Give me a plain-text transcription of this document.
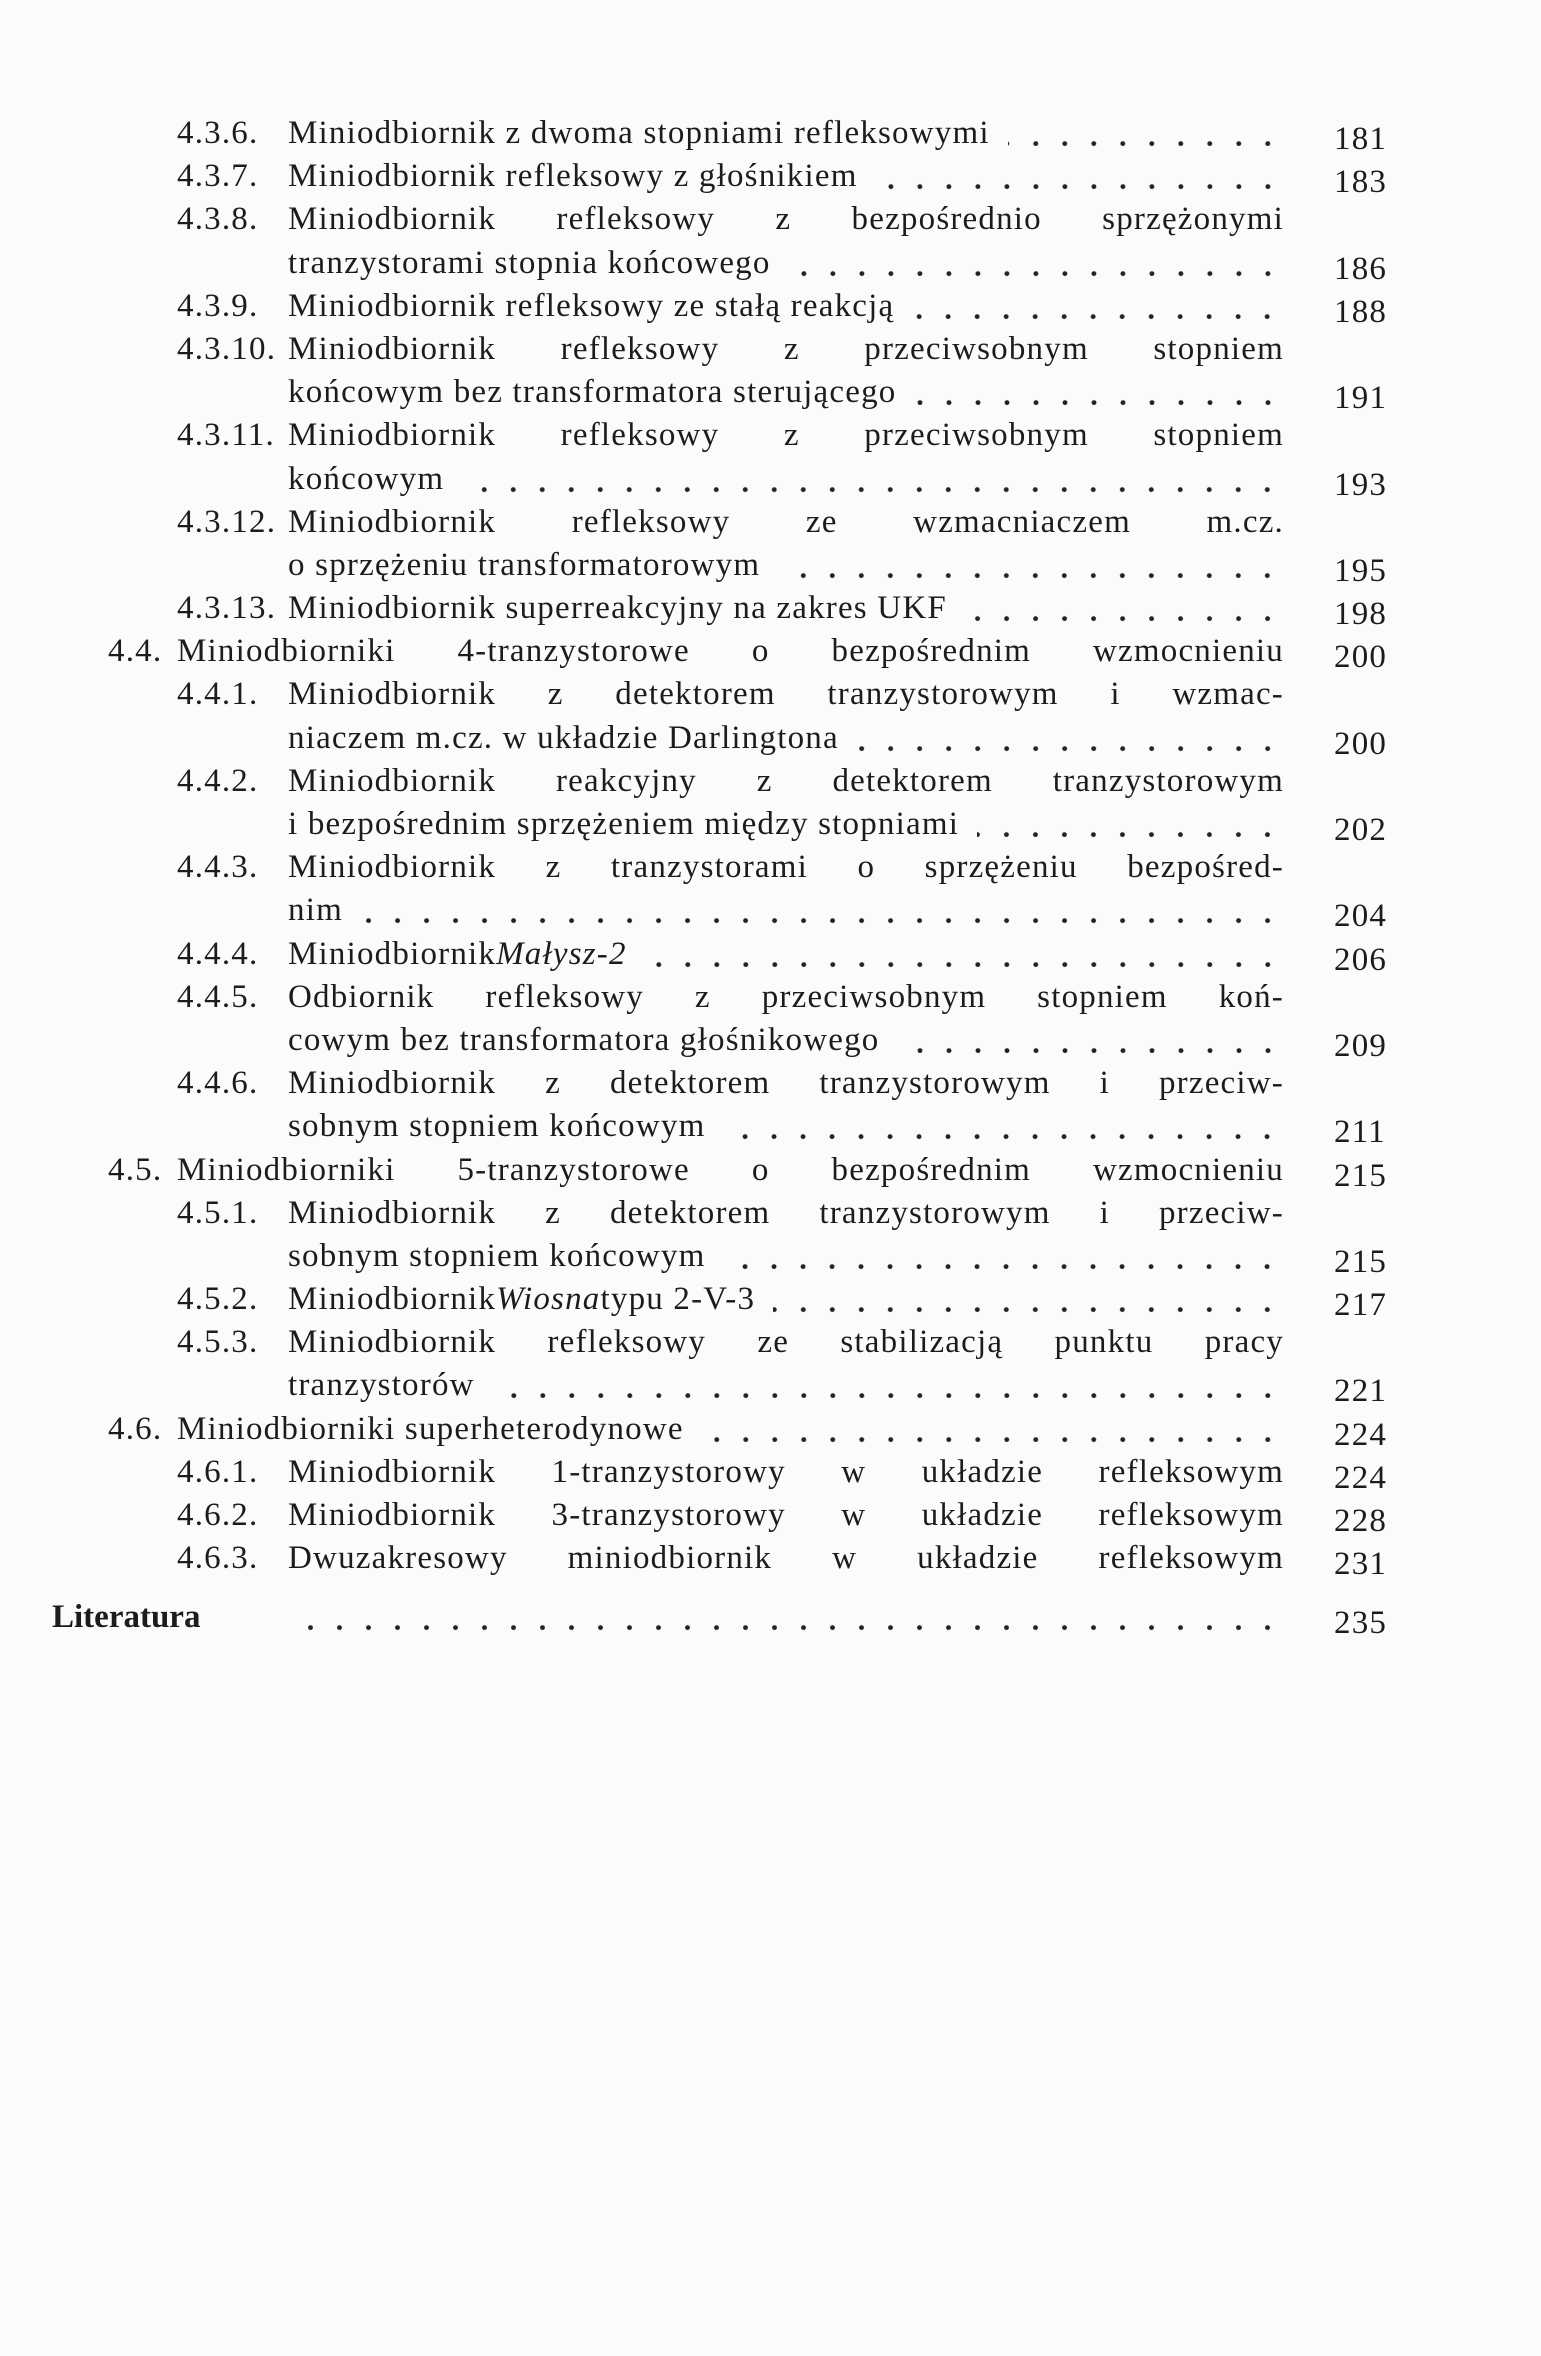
4.3.6. Miniodbiornik z dwoma stopniami refleksowymi	181
4.3.7. Miniodbiornik refleksowy z głośnikiem	183
4.3.8. Miniodbiornik refleksowy z bezpośrednio sprzężonymi
tranzystorami stopnia końcowego	186
4.3.9. Miniodbiornik refleksowy ze stałą reakcją	188
4.3.10. Miniodbiornik refleksowy z przeciwsobnym stopniem
końcowym bez transformatora sterującego	191
4.3.11. Miniodbiornik refleksowy z przeciwsobnym stopniem
końcowym	193
4.3.12. Miniodbiornik refleksowy ze wzmacniaczem m.cz.
o sprzężeniu transformatorowym	195
4.3.13. Miniodbiornik superreakcyjny na zakres UKF	198
4.4. Miniodbiorniki 4-tranzystorowe o bezpośrednim wzmocnieniu 200
4.4.1. Miniodbiornik z detektorem tranzystorowym i wzmac-
niaczem m.cz. w układzie Darlingtona	200
4.4.2. Miniodbiornik reakcyjny z detektorem tranzystorowym
i bezpośrednim sprzężeniem między stopniami	202
4.4.3. Miniodbiornik z tranzystorami o sprzężeniu bezpośred-
nim	204
4.4.4. Miniodbiornik Małysz-2	206
4.4.5. Odbiornik refleksowy z przeciwsobnym stopniem koń-
cowym bez transformatora głośnikowego	209
4.4.6. Miniodbiornik z detektorem tranzystorowym i przeciw-
sobnym stopniem końcowym	211
4.5. Miniodbiorniki 5-tranzystorowe o bezpośrednim wzmocnieniu 215
4.5.1. Miniodbiornik z detektorem tranzystorowym i przeciw-
sobnym stopniem końcowym	215
4.5.2. Miniodbiornik Wiosna typu 2-V-3	217
4.5.3. Miniodbiornik refleksowy ze stabilizacją punktu pracy
tranzystorów	221
4.6. Miniodbiorniki superheterodynowe	224
4.6.1. Miniodbiornik 1-tranzystorowy w układzie refleksowym 224
4.6.2. Miniodbiornik 3-tranzystorowy w układzie refleksowym 228
4.6.3. Dwuzakresowy miniodbiornik w układzie refleksowym 231
Literatura	235
